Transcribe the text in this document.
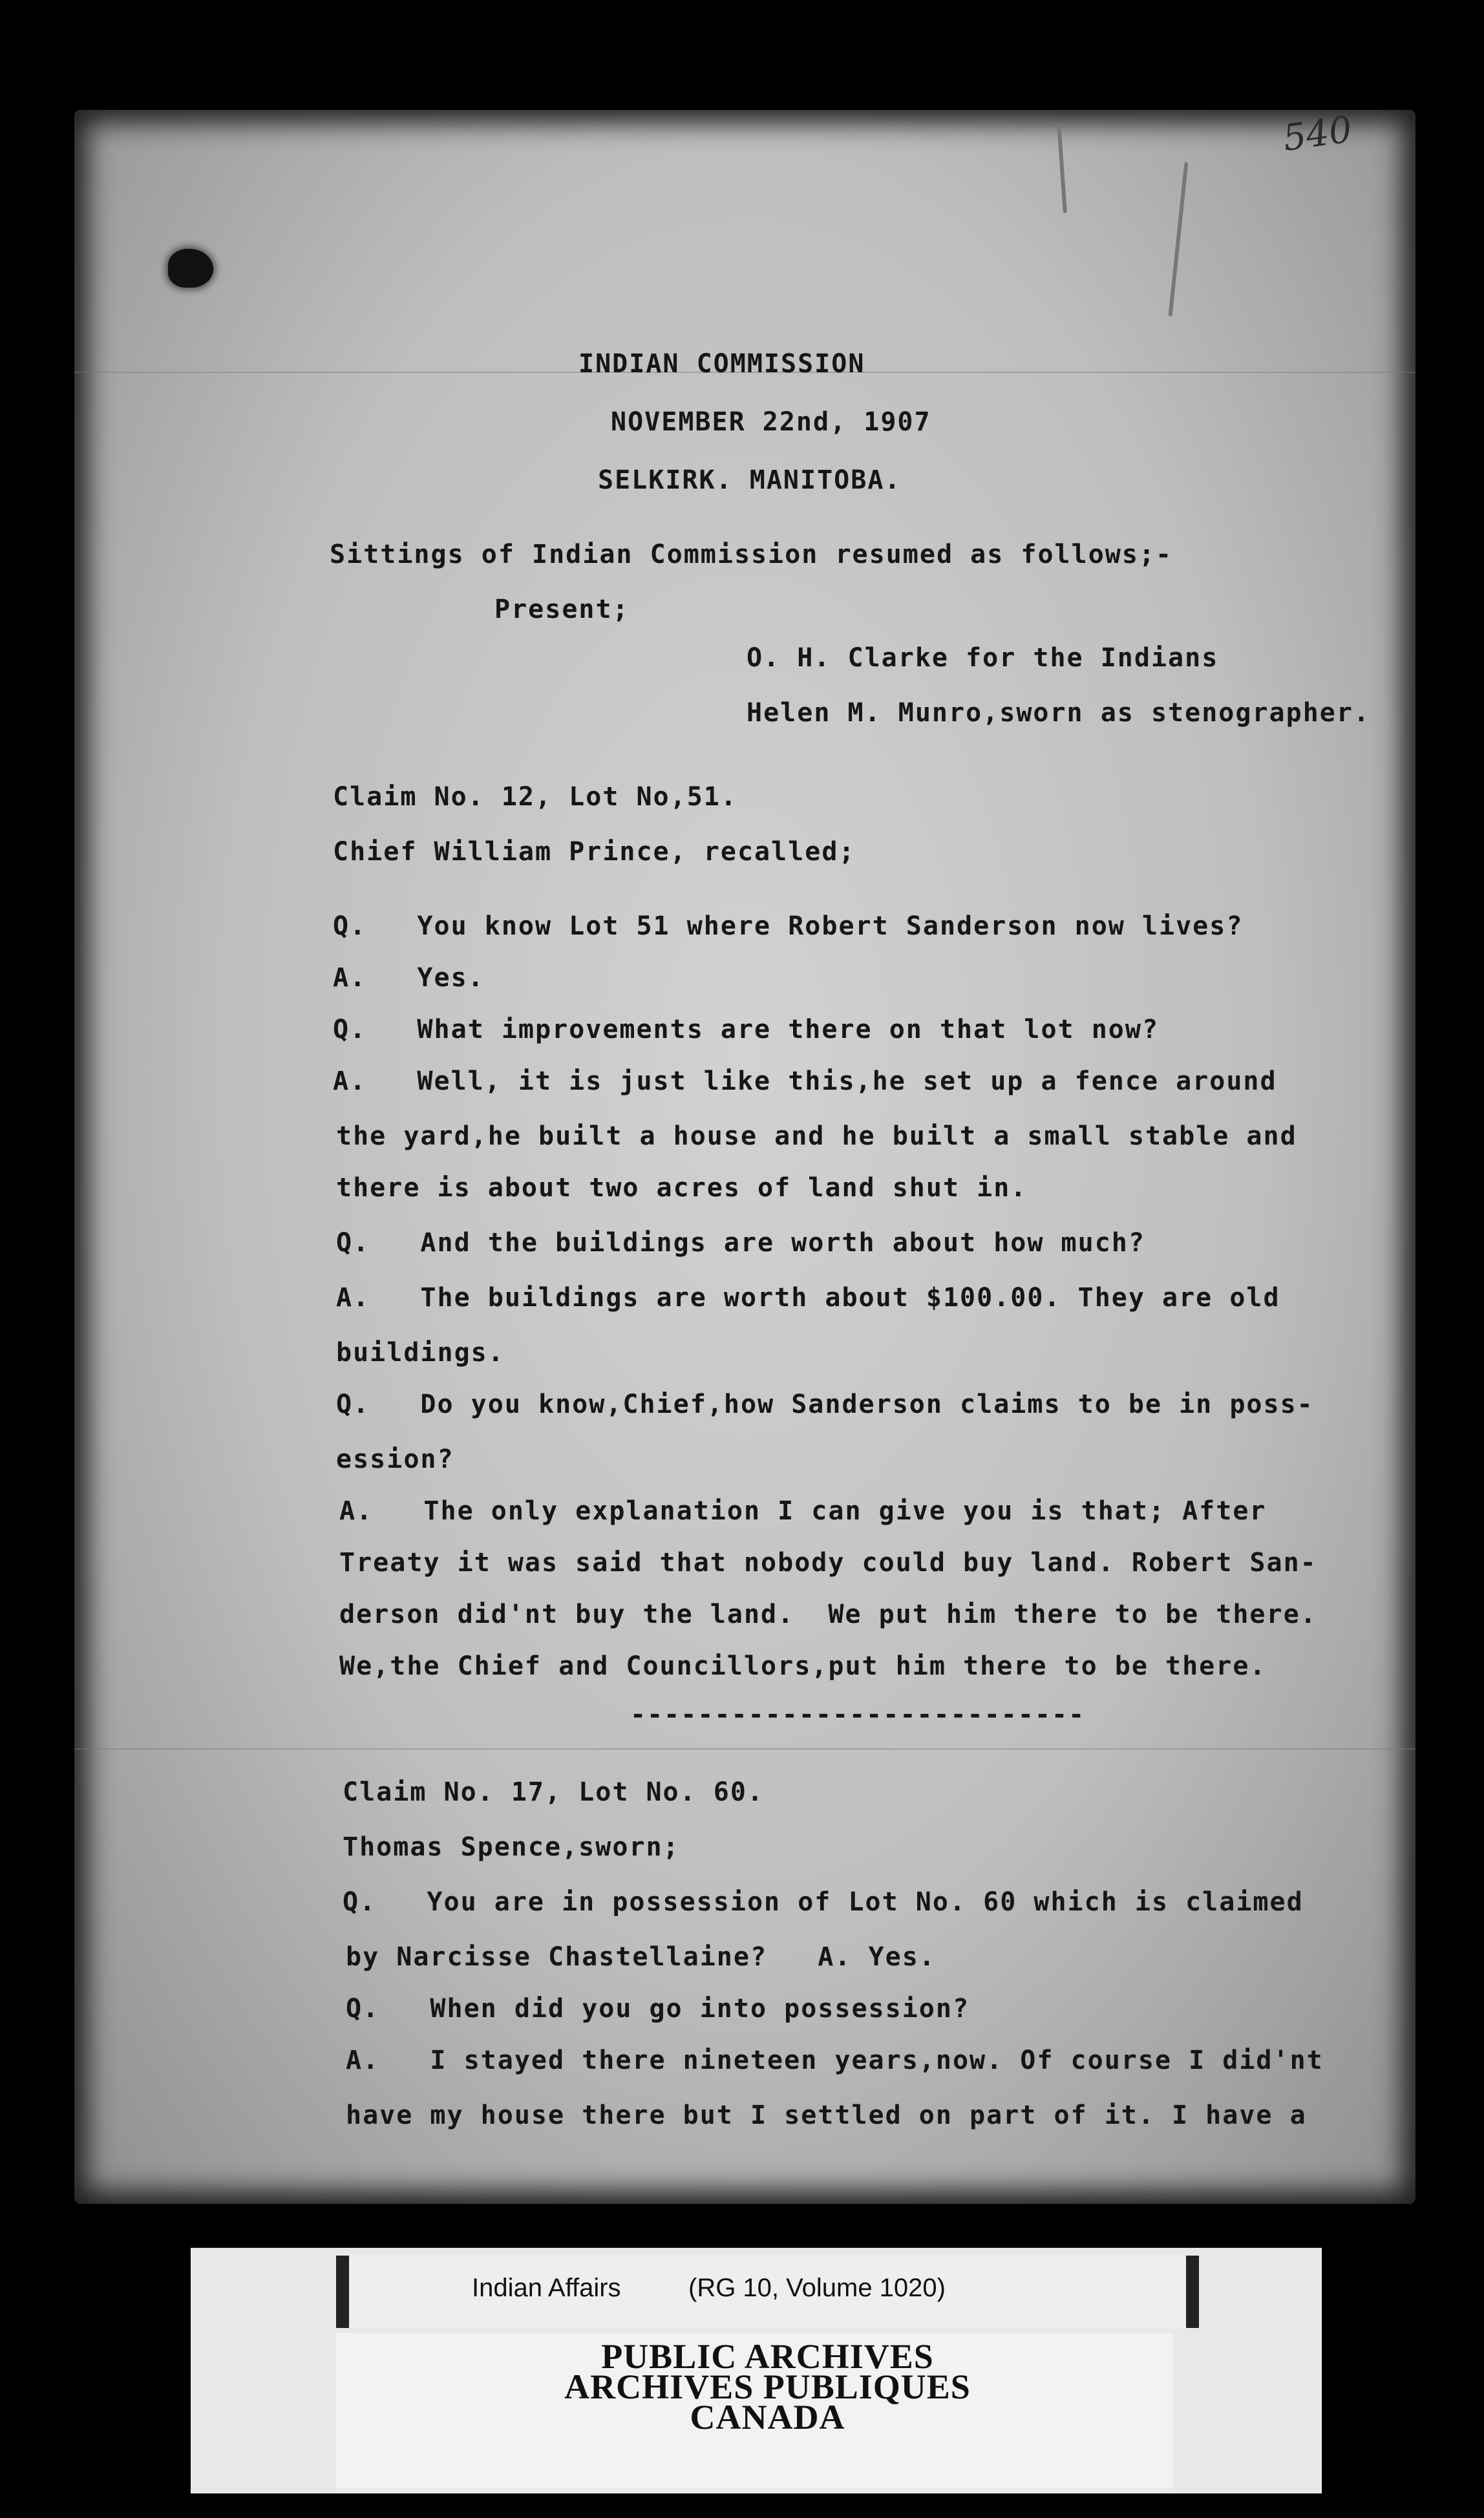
540
INDIAN COMMISSION
NOVEMBER 22nd, 1907
SELKIRK. MANITOBA.
Sittings of Indian Commission resumed as follows;-
Present;
O. H. Clarke for the Indians
Helen M. Munro,sworn as stenographer.
Claim No. 12, Lot No,51.
Chief William Prince, recalled;
Q.   You know Lot 51 where Robert Sanderson now lives?
A.   Yes.
Q.   What improvements are there on that lot now?
A.   Well, it is just like this,he set up a fence around
the yard,he built a house and he built a small stable and
there is about two acres of land shut in.
Q.   And the buildings are worth about how much?
A.   The buildings are worth about $100.00. They are old
buildings.
Q.   Do you know,Chief,how Sanderson claims to be in poss-
ession?
A.   The only explanation I can give you is that; After
Treaty it was said that nobody could buy land. Robert San-
derson did'nt buy the land.  We put him there to be there.
We,the Chief and Councillors,put him there to be there.
---------------------------
Claim No. 17, Lot No. 60.
Thomas Spence,sworn;
Q.   You are in possession of Lot No. 60 which is claimed
by Narcisse Chastellaine?   A. Yes.
Q.   When did you go into possession?
A.   I stayed there nineteen years,now. Of course I did'nt
have my house there but I settled on part of it. I have a
Indian Affairs	(RG 10, Volume 1020)
PUBLIC ARCHIVES
ARCHIVES PUBLIQUES
CANADA
